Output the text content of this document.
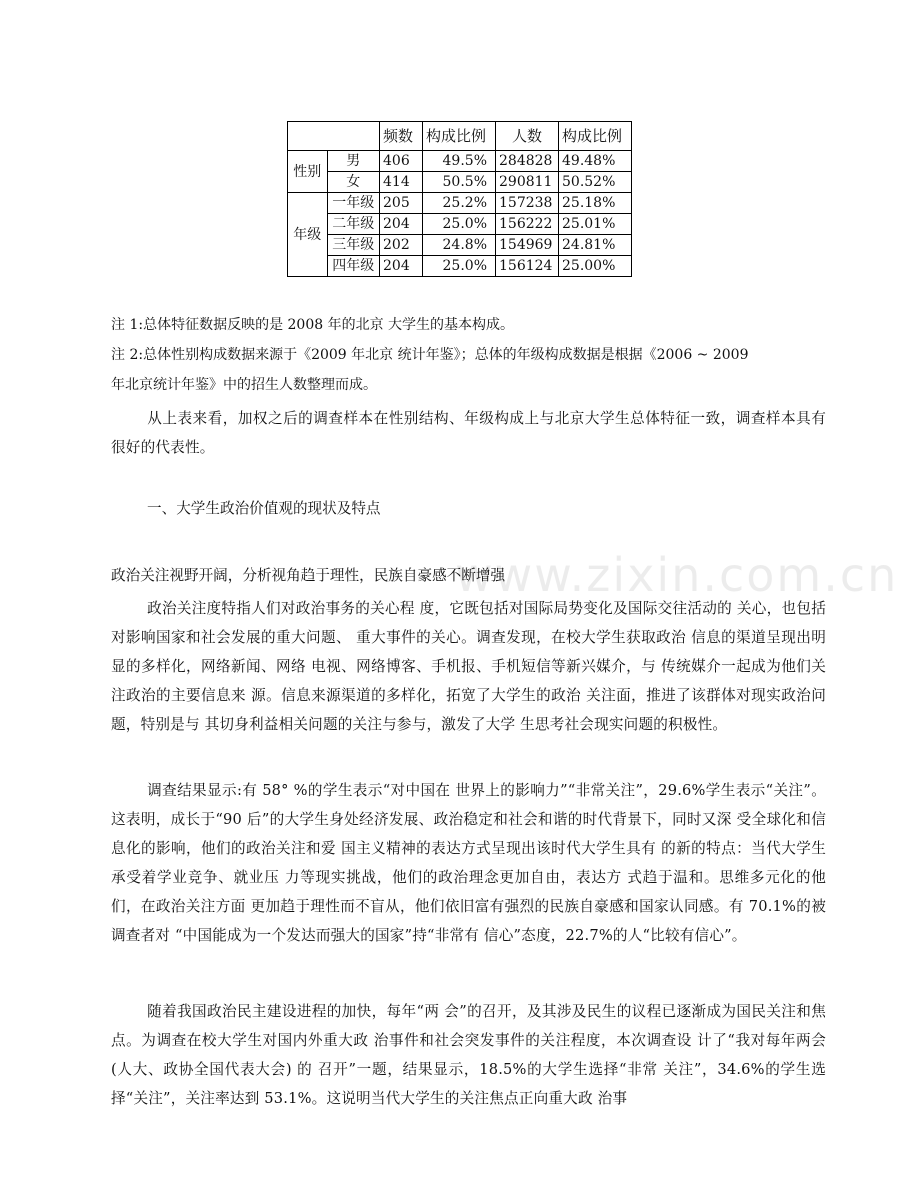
		频数	构成比例	人数	构成比例
性别	男	406	49.5%	284828	49.48%
	女	414	50.5%	290811	50.52%
年级	一年级	205	25.2%	157238	25.18%
	二年级	204	25.0%	156222	25.01%
	三年级	202	24.8%	154969	24.81%
	四年级	204	25.0%	156124	25.00%
注 1:总体特征数据反映的是 2008 年的北京 大学生的基本构成。
注 2:总体性别构成数据来源于《2009 年北京 统计年鉴》；总体的年级构成数据是根据《2006 ~ 2009
年北京统计年鉴》中的招生人数整理而成。
从上表来看，加权之后的调查样本在性别结构、年级构成上与北京大学生总体特征一致，调查样本具有很好的代表性。
一、大学生政治价值观的现状及特点
www.zixin.com.cn
政治关注视野开阔，分析视角趋于理性，民族自豪感不断增强
政治关注度特指人们对政治事务的关心程 度，它既包括对国际局势变化及国际交往活动的 关心，也包括对影响国家和社会发展的重大问题、 重大事件的关心。调查发现，在校大学生获取政治 信息的渠道呈现出明显的多样化，网络新闻、网络 电视、网络博客、手机报、手机短信等新兴媒介，与 传统媒介一起成为他们关注政治的主要信息来 源。信息来源渠道的多样化，拓宽了大学生的政治 关注面，推进了该群体对现实政治问题，特别是与 其切身利益相关问题的关注与参与，激发了大学 生思考社会现实问题的积极性。
调查结果显示:有 58° %的学生表示“对中国在 世界上的影响力”“非常关注”，29.6%学生表示“关注”。这表明，成长于“90 后”的大学生身处经济发展、政治稳定和社会和谐的时代背景下，同时又深 受全球化和信息化的影响，他们的政治关注和爱 国主义精神的表达方式呈现出该时代大学生具有 的新的特点：当代大学生承受着学业竞争、就业压 力等现实挑战，他们的政治理念更加自由，表达方 式趋于温和。思维多元化的他们，在政治关注方面 更加趋于理性而不盲从，他们依旧富有强烈的民族自豪感和国家认同感。有 70.1%的被调查者对 “中国能成为一个发达而强大的国家”持“非常有 信心”态度，22.7%的人“比较有信心”。
随着我国政治民主建设进程的加快，每年“两 会”的召开，及其涉及民生的议程已逐渐成为国民关注和焦点。为调查在校大学生对国内外重大政 治事件和社会突发事件的关注程度，本次调查设 计了“我对每年两会(人大、政协全国代表大会) 的 召开”一题，结果显示，18.5%的大学生选择“非常 关注”，34.6%的学生选择“关注”，关注率达到 53.1%。这说明当代大学生的关注焦点正向重大政 治事
